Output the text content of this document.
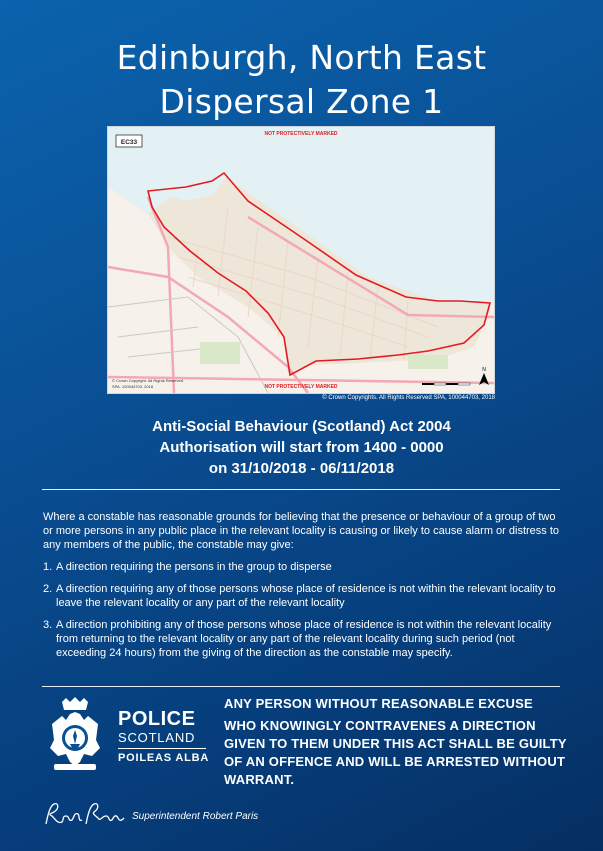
Edinburgh, North East
Dispersal Zone 1
EC33
NOT PROTECTIVELY MARKED
NOT PROTECTIVELY MARKED
© Crown Copyright. All Rights Reserved
SPA. 100044703. 2018
N
© Crown Copyrights. All Rights Reserved SPA, 100044703, 2018
Anti-Social Behaviour (Scotland) Act 2004
Authorisation will start from 1400 - 0000
on 31/10/2018 - 06/11/2018

Where a constable has reasonable grounds for believing that the presence or behaviour of a group of two or more persons in any public place in the relevant locality is causing or likely to cause alarm or distress to any members of the public, the constable may give:

1. A direction requiring the persons in the group to disperse
2. A direction requiring any of those persons whose place of residence is not within the relevant locality to leave the relevant locality or any part of the relevant locality
3. A direction prohibiting any of those persons whose place of residence is not within the relevant locality from returning to the relevant locality or any part of the relevant locality during such period (not exceeding 24 hours) from the giving of the direction as the constable may specify.
POLICE
SCOTLAND
POILEAS ALBA
ANY PERSON WITHOUT REASONABLE EXCUSE
WHO KNOWINGLY CONTRAVENES A DIRECTION GIVEN TO THEM UNDER THIS ACT SHALL BE GUILTY OF AN OFFENCE AND WILL BE ARRESTED WITHOUT WARRANT.
Superintendent Robert Paris
